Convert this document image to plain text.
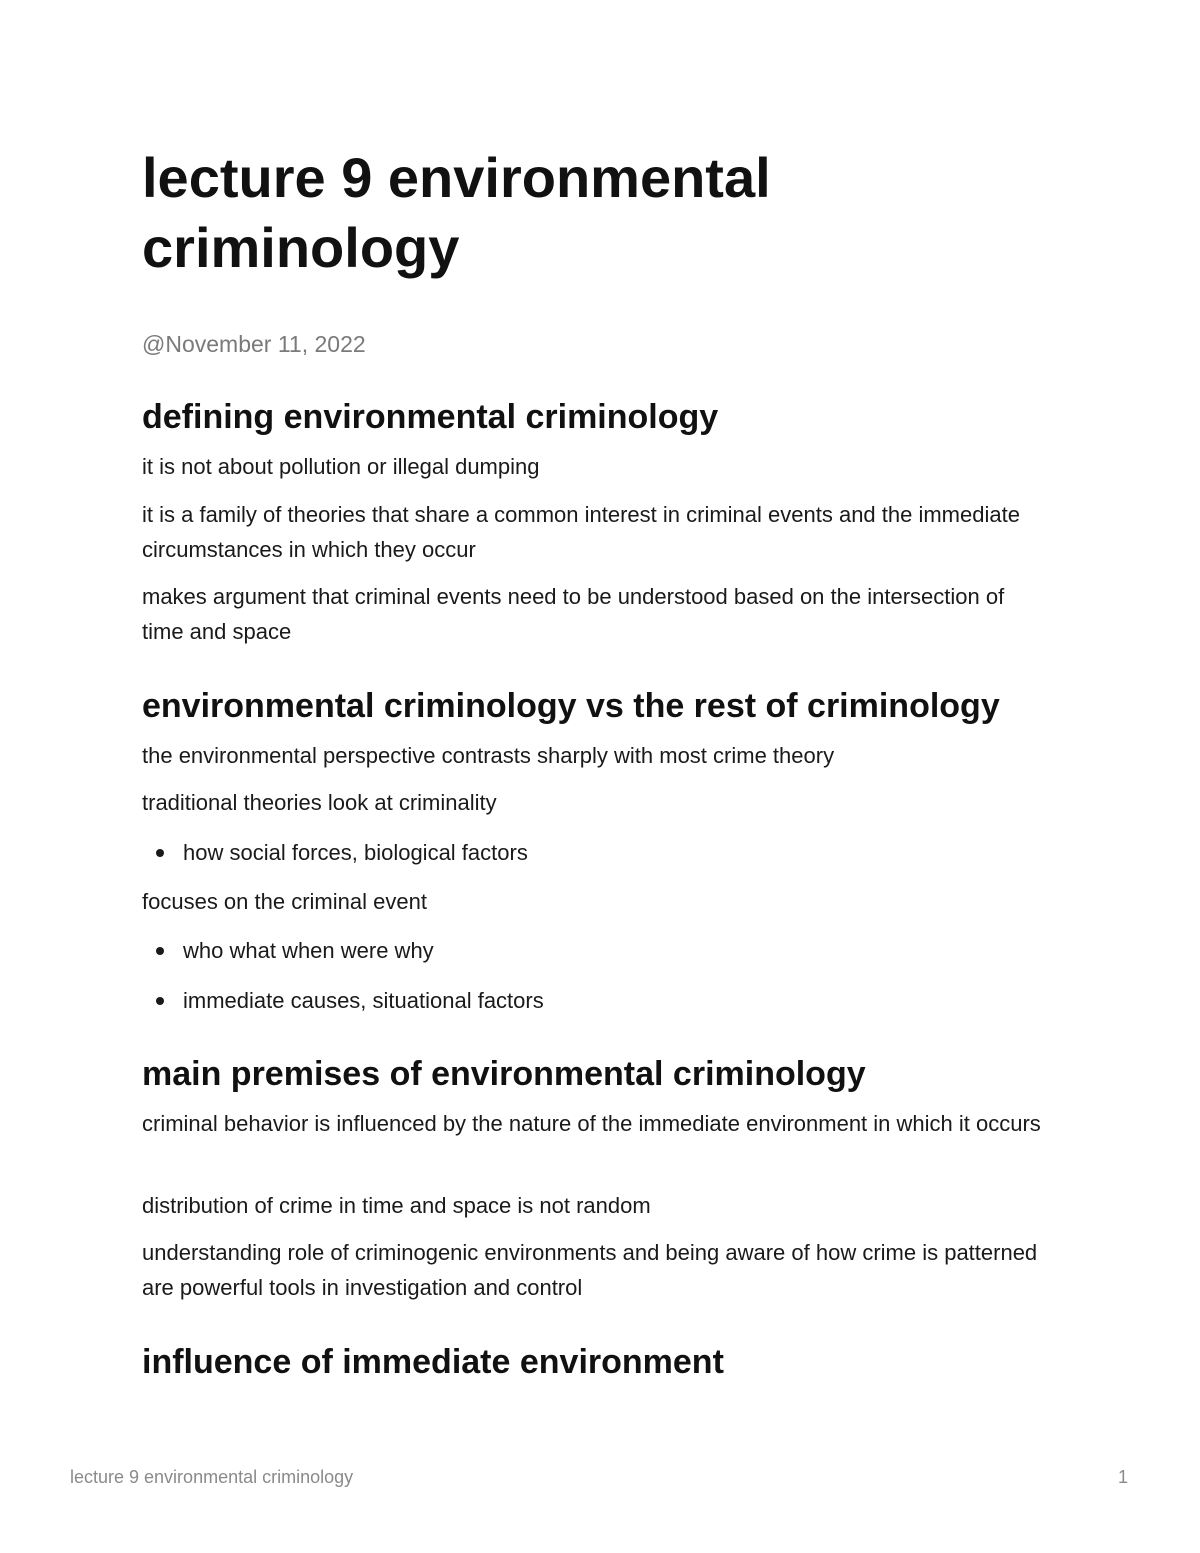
lecture 9 environmental criminology

@November 11, 2022

defining environmental criminology

it is not about pollution or illegal dumping

it is a family of theories that share a common interest in criminal events and the immediate circumstances in which they occur

makes argument that criminal events need to be understood based on the intersection of time and space

environmental criminology vs the rest of criminology

the environmental perspective contrasts sharply with most crime theory

traditional theories look at criminality

how social forces, biological factors

focuses on the criminal event

who what when were why

immediate causes, situational factors

main premises of environmental criminology

criminal behavior is influenced by the nature of the immediate environment in which it occurs

distribution of crime in time and space is not random

understanding role of criminogenic environments and being aware of how crime is patterned are powerful tools in investigation and control

influence of immediate environment

lecture 9 environmental criminology	1
